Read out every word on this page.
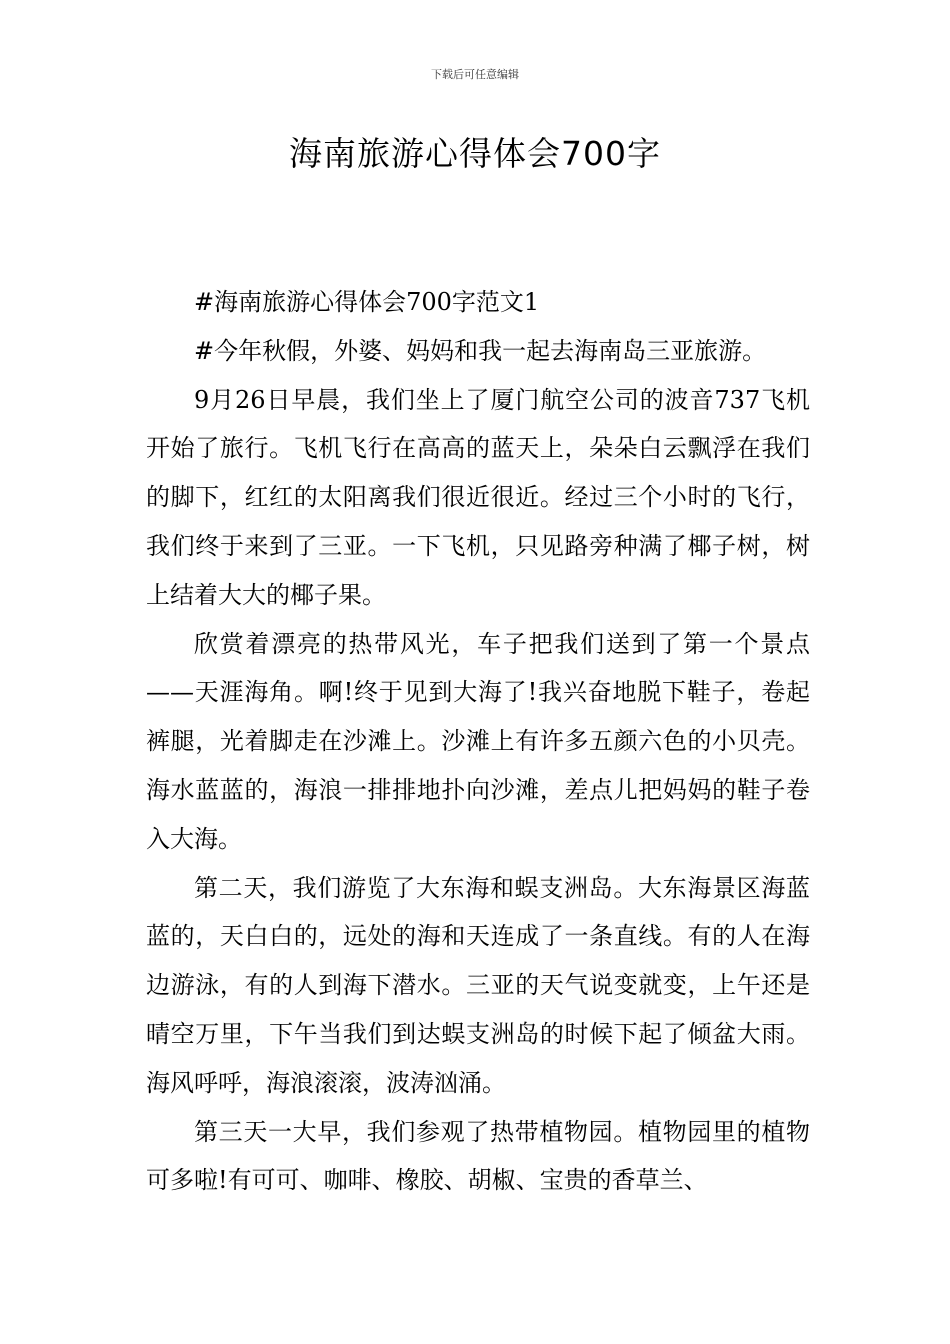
下载后可任意编辑
海南旅游心得体会700字

#海南旅游心得体会700字范文1

#今年秋假，外婆、妈妈和我一起去海南岛三亚旅游。

9月26日早晨，我们坐上了厦门航空公司的波音737飞机开始了旅行。飞机飞行在高高的蓝天上，朵朵白云飘浮在我们的脚下，红红的太阳离我们很近很近。经过三个小时的飞行，我们终于来到了三亚。一下飞机，只见路旁种满了椰子树，树上结着大大的椰子果。

欣赏着漂亮的热带风光，车子把我们送到了第一个景点——天涯海角。啊!终于见到大海了!我兴奋地脱下鞋子，卷起裤腿，光着脚走在沙滩上。沙滩上有许多五颜六色的小贝壳。海水蓝蓝的，海浪一排排地扑向沙滩，差点儿把妈妈的鞋子卷入大海。

第二天，我们游览了大东海和蜈支洲岛。大东海景区海蓝蓝的，天白白的，远处的海和天连成了一条直线。有的人在海边游泳，有的人到海下潜水。三亚的天气说变就变，上午还是晴空万里，下午当我们到达蜈支洲岛的时候下起了倾盆大雨。海风呼呼，海浪滚滚，波涛汹涌。

第三天一大早，我们参观了热带植物园。植物园里的植物可多啦!有可可、咖啡、橡胶、胡椒、宝贵的香草兰、
